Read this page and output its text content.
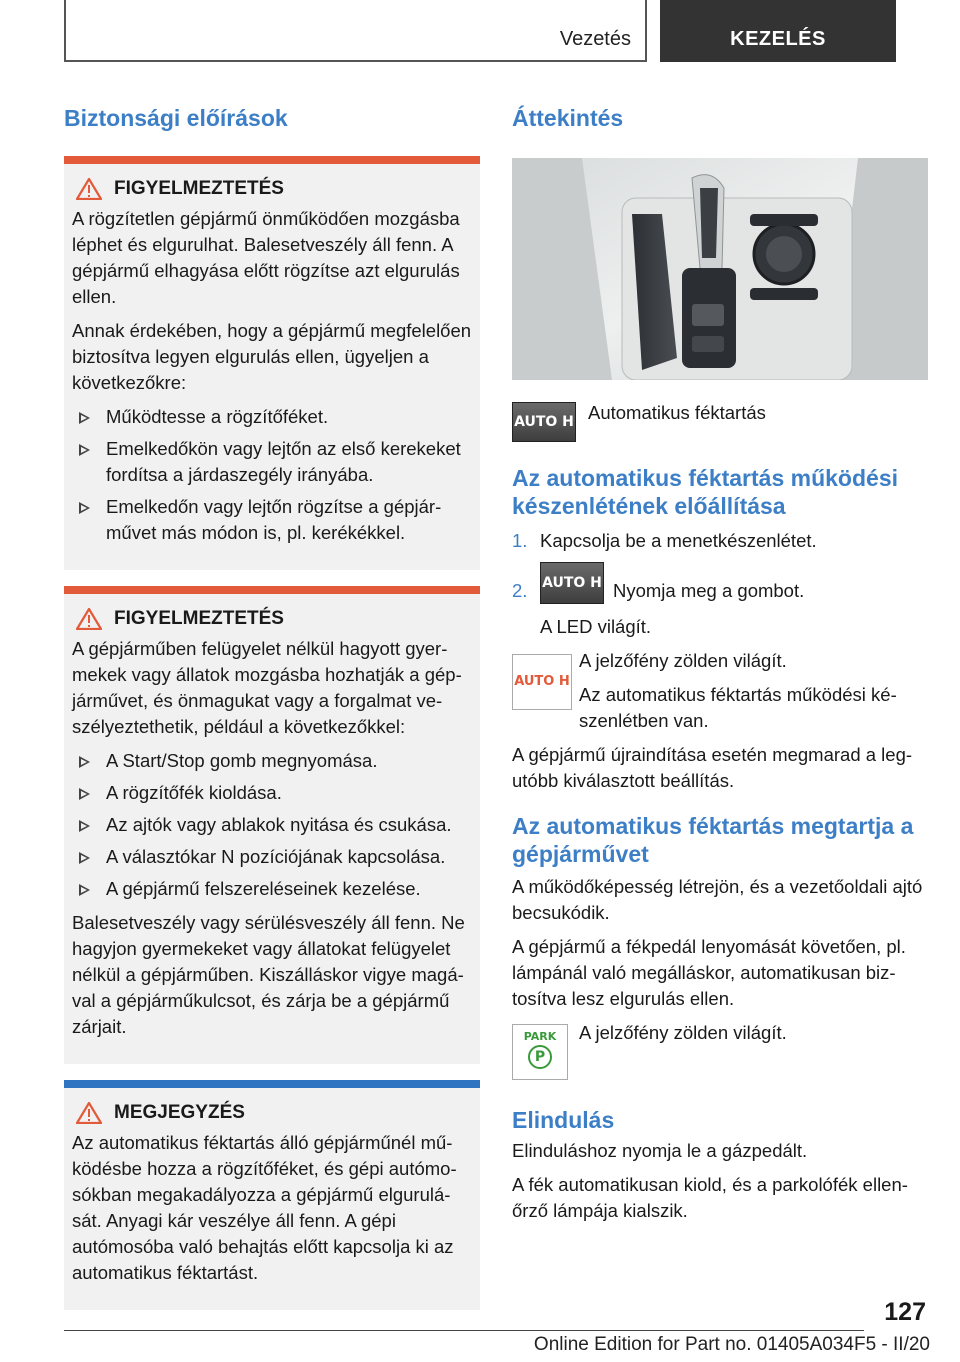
Vezetés	KEZELÉS
Biztonsági előírások
FIGYELMEZTETÉS

A rögzítetlen gépjármű önműködően mozgásba léphet és elgurulhat. Balesetveszély áll fenn. A gépjármű elhagyása előtt rögzítse azt elgurulás ellen.

Annak érdekében, hogy a gépjármű megfelelően biztosítva legyen elgurulás ellen, ügyeljen a következőkre:

Működtesse a rögzítőféket.
Emelkedőkön vagy lejtőn az első kerekeket fordítsa a járdaszegély irányába.
Emelkedőn vagy lejtőn rögzítse a gépjárművet más módon is, pl. kerékékkel.
FIGYELMEZTETÉS

A gépjárműben felügyelet nélkül hagyott gyermekek vagy állatok mozgásba hozhatják a gépjárművet, és önmagukat vagy a forgalmat veszélyeztethetik, például a következőkkel:

A Start/Stop gomb megnyomása.
A rögzítőfék kioldása.
Az ajtók vagy ablakok nyitása és csukása.
A választókar N pozíciójának kapcsolása.
A gépjármű felszereléseinek kezelése.

Balesetveszély vagy sérülésveszély áll fenn. Ne hagyjon gyermekeket vagy állatokat felügyelet nélkül a gépjárműben. Kiszálláskor vigye magával a gépjárműkulcsot, és zárja be a gépjármű zárjait.

MEGJEGYZÉS

Az automatikus féktartás álló gépjárműnél működésbe hozza a rögzítőféket, és gépi autómosókban megakadályozza a gépjármű elgurulását. Anyagi kár veszélye áll fenn. A gépi autómosóba való behajtás előtt kapcsolja ki az automatikus féktartást.

Áttekintés
AUTO H Automatikus féktartás
Az automatikus féktartás működési készenlétének előállítása
1. Kapcsolja be a menetkészenlétet.
2. AUTO H Nyomja meg a gombot.

A LED világít.

AUTO H

A jelzőfény zölden világít.

Az automatikus féktartás működési készenlétben van.

A gépjármű újraindítása esetén megmarad a legutóbb kiválasztott beállítás.

Az automatikus féktartás megtartja a gépjárművet

A működőképesség létrejön, és a vezetőoldali ajtó becsukódik.

A gépjármű a fékpedál lenyomását követően, pl. lámpánál való megálláskor, automatikusan biztosítva lesz elgurulás ellen.

PARK
P

A jelzőfény zölden világít.

Elindulás

Elinduláshoz nyomja le a gázpedált.

A fék automatikusan kiold, és a parkolófék ellenőrző lámpája kialszik.

127
Online Edition for Part no. 01405A034F5 - II/20
